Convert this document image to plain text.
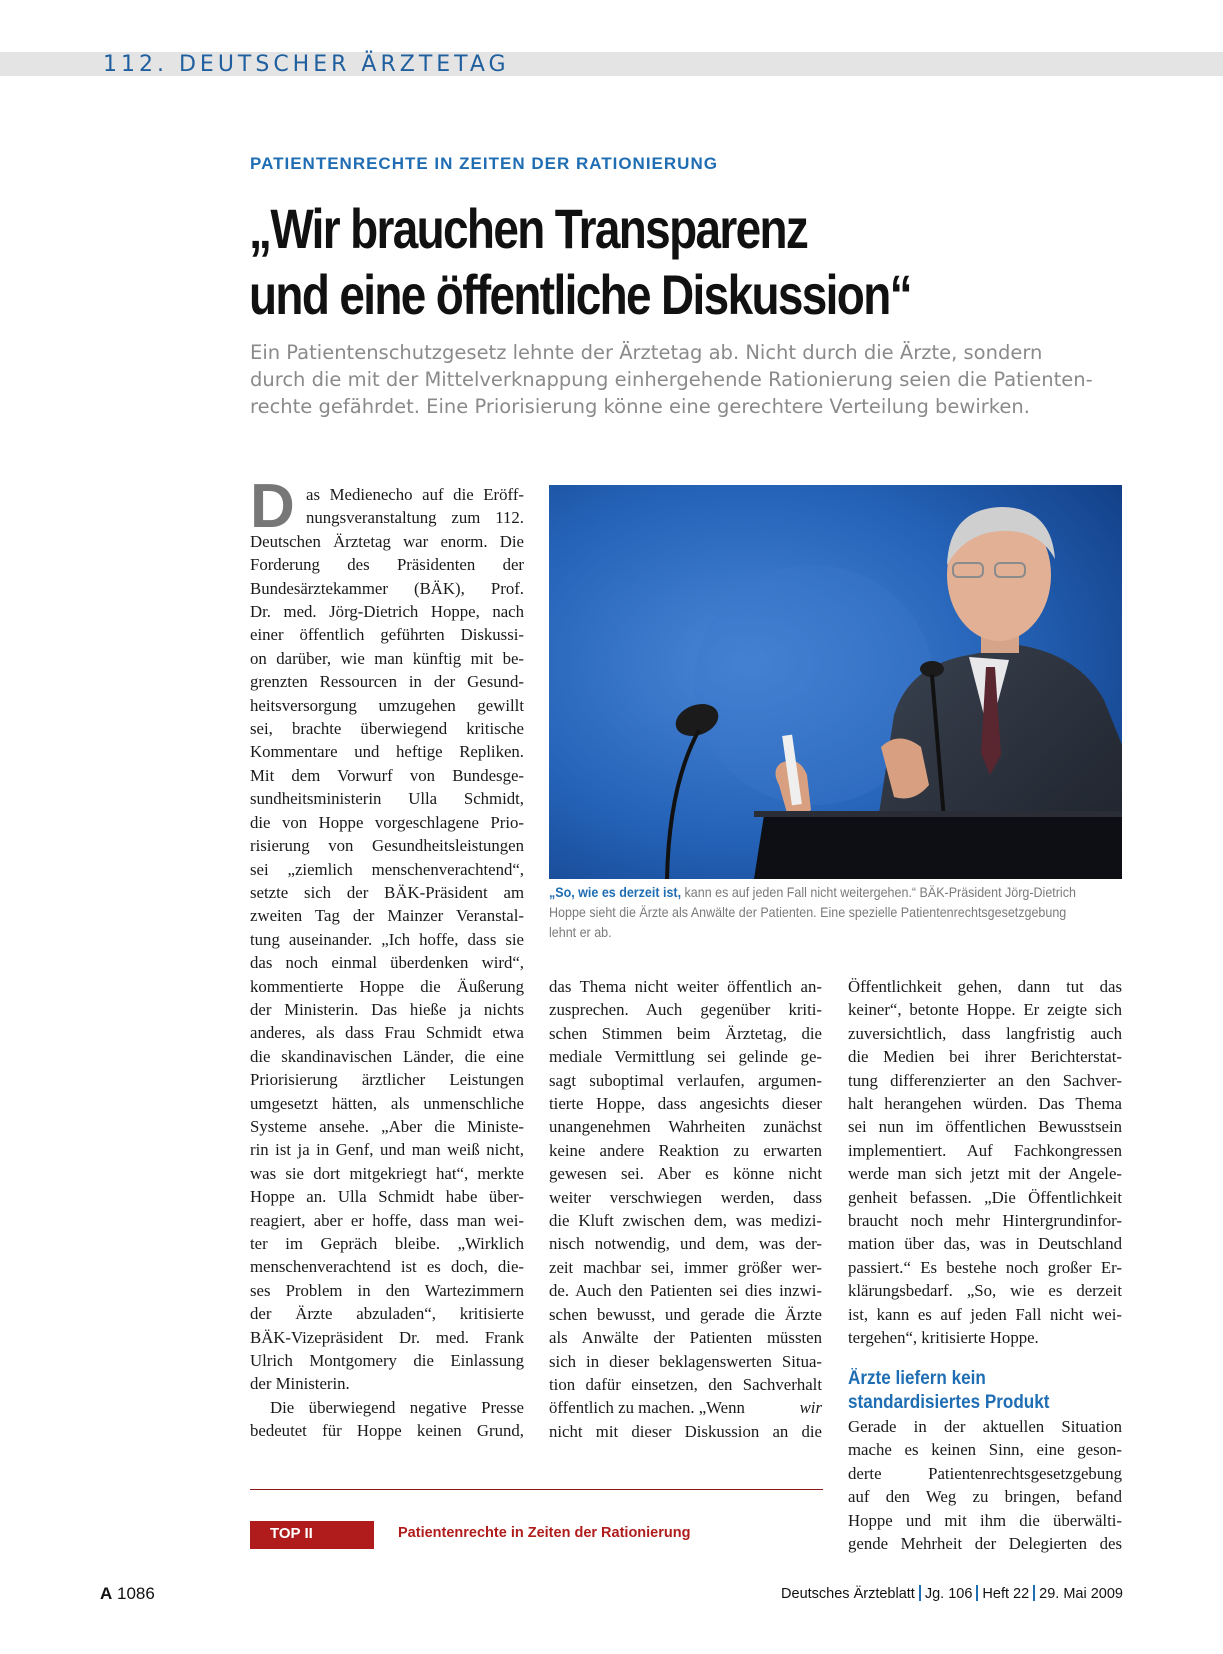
112. DEUTSCHER ÄRZTETAG
PATIENTENRECHTE IN ZEITEN DER RATIONIERUNG
„Wir brauchen Transparenz
und eine öffentliche Diskussion“

Ein Patientenschutzgesetz lehnte der Ärztetag ab. Nicht durch die Ärzte, sondern
durch die mit der Mittelverknappung einhergehende Rationierung seien die Patienten-
rechte gefährdet. Eine Priorisierung könne eine gerechtere Verteilung bewirken.

D as Medienecho auf die Eröff-
nungsveranstaltung zum 112.
Deutschen Ärztetag war enorm. Die
Forderung des Präsidenten der
Bundesärztekammer (BÄK), Prof.
Dr. med. Jörg-Dietrich Hoppe, nach
einer öffentlich geführten Diskussi-
on darüber, wie man künftig mit be-
grenzten Ressourcen in der Gesund-
heitsversorgung umzugehen gewillt
sei, brachte überwiegend kritische
Kommentare und heftige Repliken.
Mit dem Vorwurf von Bundesge-
sundheitsministerin Ulla Schmidt,
die von Hoppe vorgeschlagene Prio-
risierung von Gesundheitsleistungen
sei „ziemlich menschenverachtend“,
setzte sich der BÄK-Präsident am
zweiten Tag der Mainzer Veranstal-
tung auseinander. „Ich hoffe, dass sie
das noch einmal überdenken wird“,
kommentierte Hoppe die Äußerung
der Ministerin. Das hieße ja nichts
anderes, als dass Frau Schmidt etwa
die skandinavischen Länder, die eine
Priorisierung ärztlicher Leistungen
umgesetzt hätten, als unmenschliche
Systeme ansehe. „Aber die Ministe-
rin ist ja in Genf, und man weiß nicht,
was sie dort mitgekriegt hat“, merkte
Hoppe an. Ulla Schmidt habe über-
reagiert, aber er hoffe, dass man wei-
ter im Gepräch bleibe. „Wirklich
menschenverachtend ist es doch, die-
ses Problem in den Wartezimmern
der Ärzte abzuladen“, kritisierte
BÄK-Vizepräsident Dr. med. Frank
Ulrich Montgomery die Einlassung
der Ministerin.
Die überwiegend negative Presse
bedeutet für Hoppe keinen Grund,
„So, wie es derzeit ist, kann es auf jeden Fall nicht weitergehen.“ BÄK-Präsident Jörg-Dietrich
Hoppe sieht die Ärzte als Anwälte der Patienten. Eine spezielle Patientenrechtsgesetzgebung
lehnt er ab.
das Thema nicht weiter öffentlich an-
zusprechen. Auch gegenüber kriti-
schen Stimmen beim Ärztetag, die
mediale Vermittlung sei gelinde ge-
sagt suboptimal verlaufen, argumen-
tierte Hoppe, dass angesichts dieser
unangenehmen Wahrheiten zunächst
keine andere Reaktion zu erwarten
gewesen sei. Aber es könne nicht
weiter verschwiegen werden, dass
die Kluft zwischen dem, was medizi-
nisch notwendig, und dem, was der-
zeit machbar sei, immer größer wer-
de. Auch den Patienten sei dies inzwi-
schen bewusst, und gerade die Ärzte
als Anwälte der Patienten müssten
sich in dieser beklagenswerten Situa-
tion dafür einsetzen, den Sachverhalt
öffentlich zu machen. „Wenn	wir
nicht mit dieser Diskussion an die
Öffentlichkeit gehen, dann tut das
keiner“, betonte Hoppe. Er zeigte sich
zuversichtlich, dass langfristig auch
die Medien bei ihrer Berichterstat-
tung differenzierter an den Sachver-
halt herangehen würden. Das Thema
sei nun im öffentlichen Bewusstsein
implementiert. Auf Fachkongressen
werde man sich jetzt mit der Angele-
genheit befassen. „Die Öffentlichkeit
braucht noch mehr Hintergrundinfor-
mation über das, was in Deutschland
passiert.“ Es bestehe noch großer Er-
klärungsbedarf. „So, wie es derzeit
ist, kann es auf jeden Fall nicht wei-
tergehen“, kritisierte Hoppe.
Ärzte liefern kein
standardisiertes Produkt
Gerade in der aktuellen Situation
mache es keinen Sinn, eine geson-
derte Patientenrechtsgesetzgebung
auf den Weg zu bringen, befand
Hoppe und mit ihm die überwälti-
gende Mehrheit der Delegierten des
TOP II	Patientenrechte in Zeiten der Rationierung
A 1086	Deutsches Ärzteblatt Jg. 106 Heft 22 29. Mai 2009
